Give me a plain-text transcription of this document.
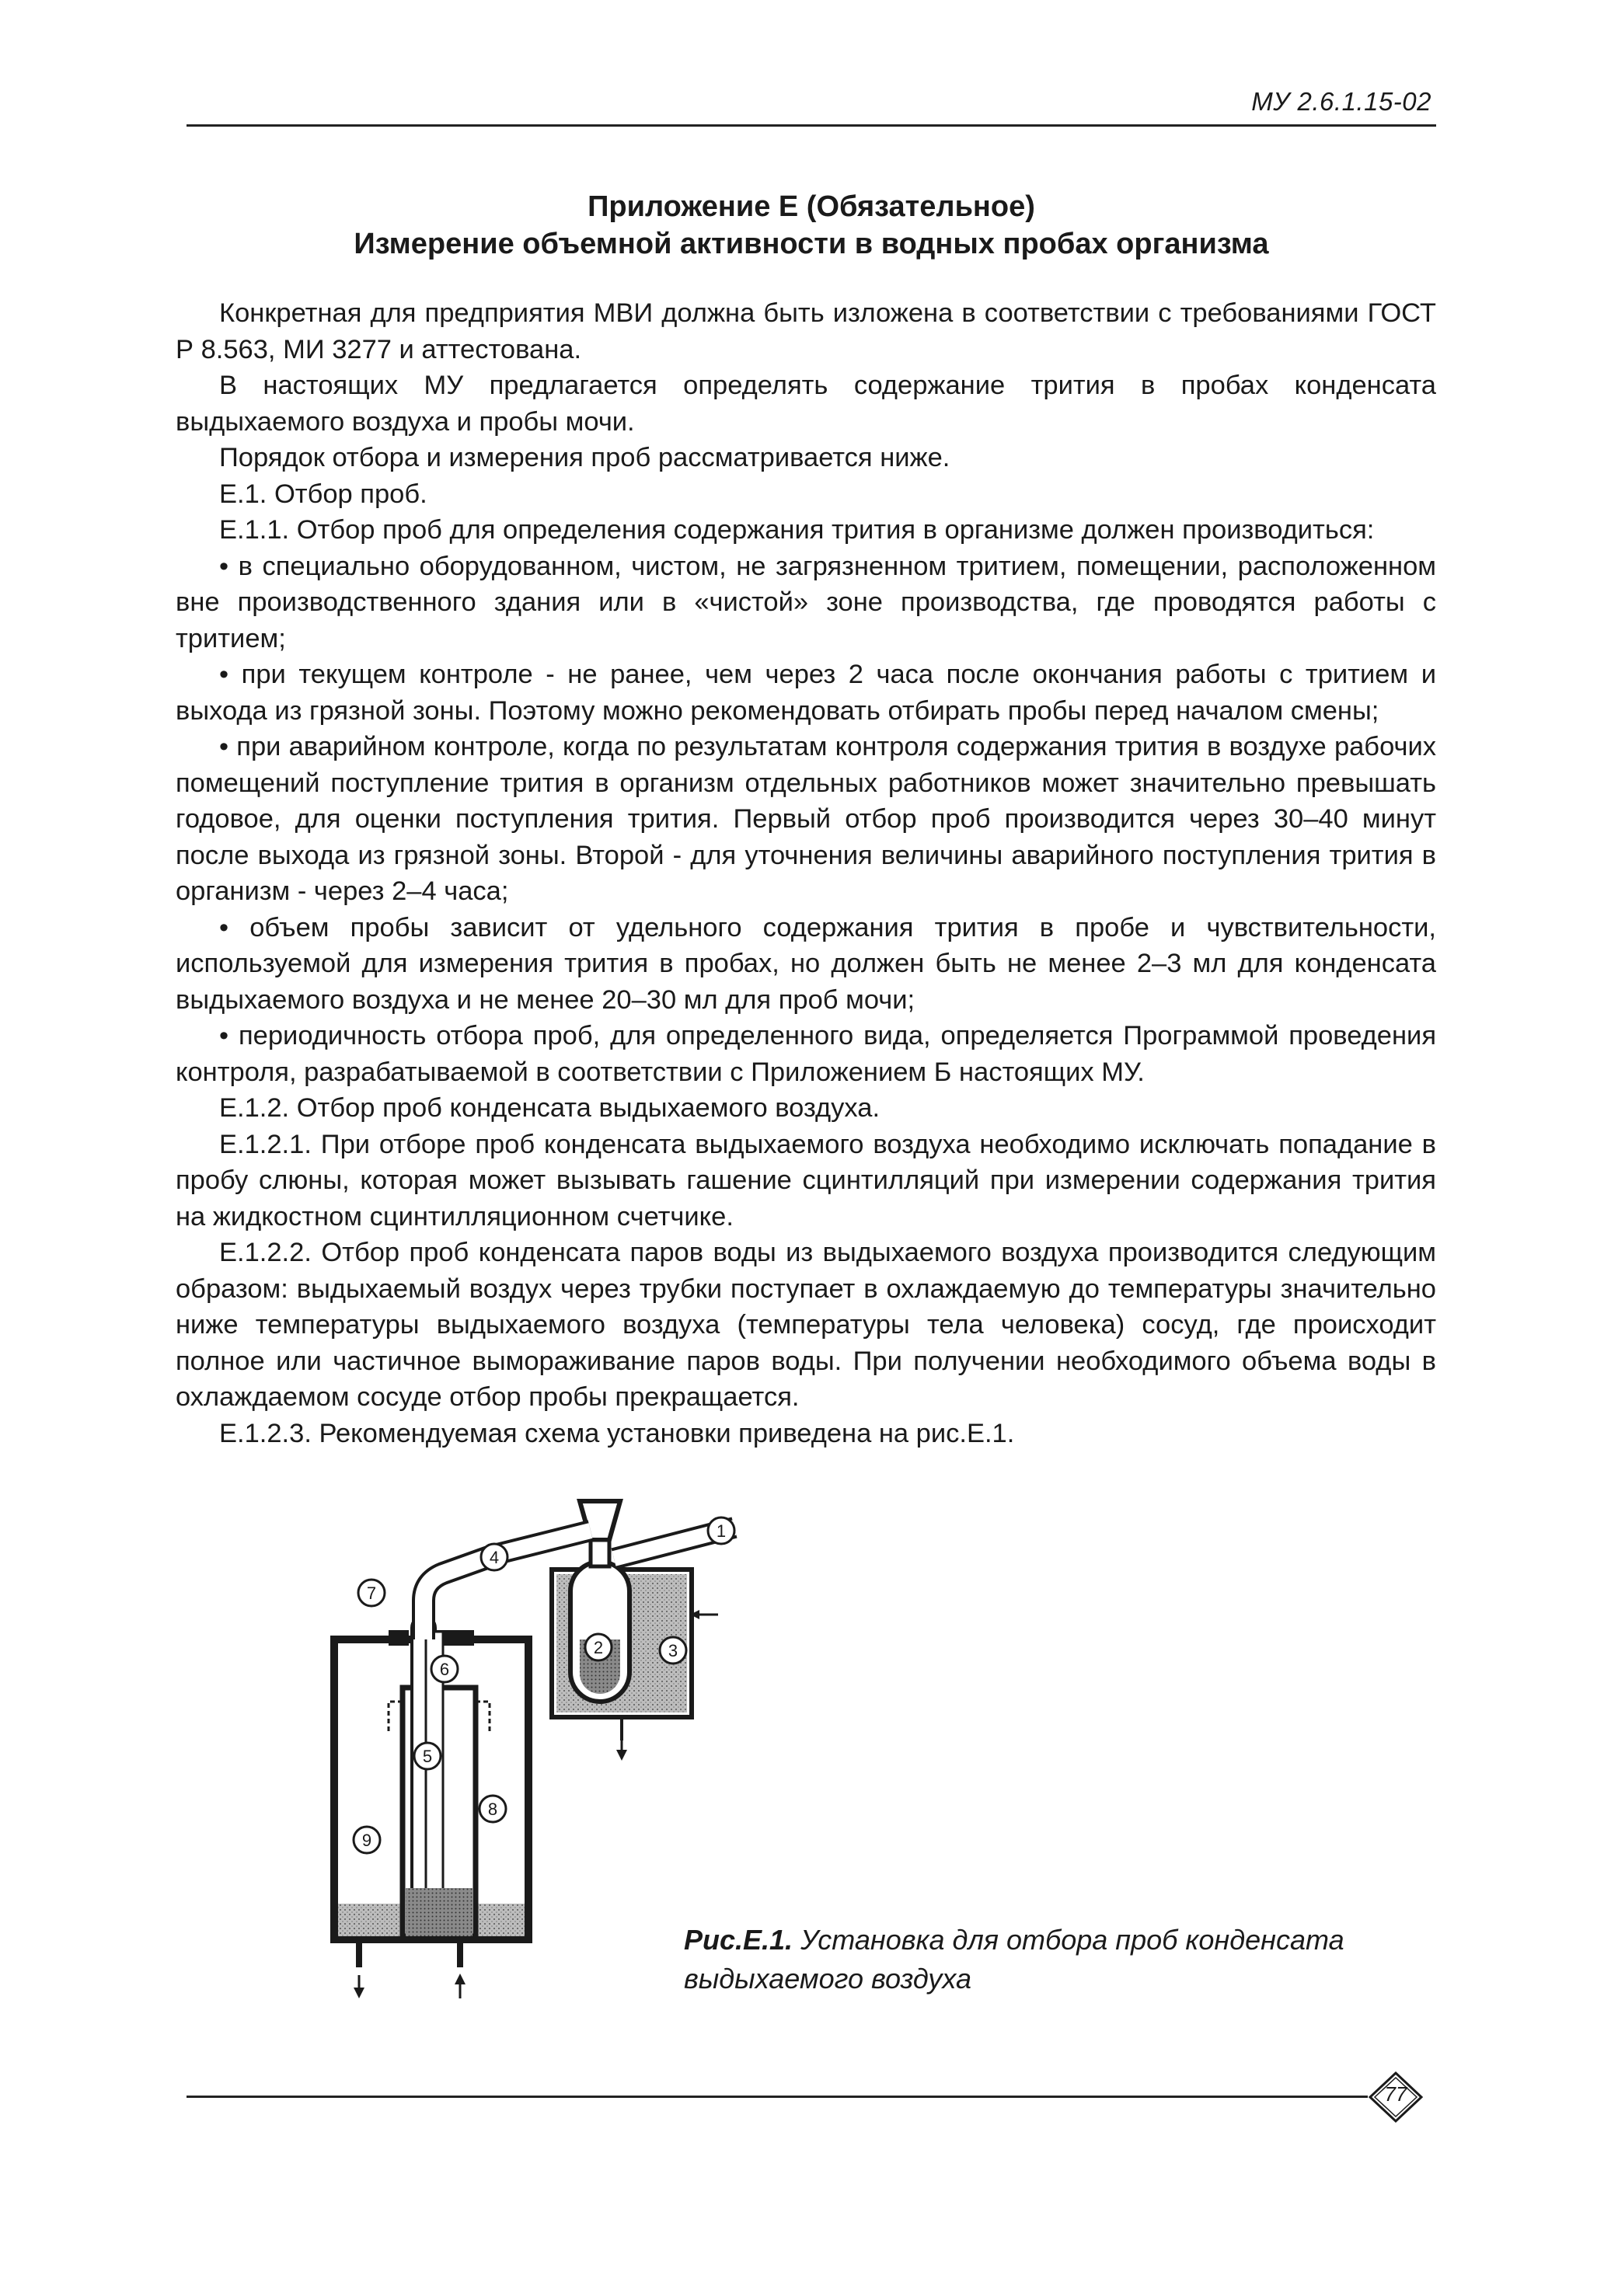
МУ 2.6.1.15-02
Приложение Е (Обязательное)
Измерение объемной активности в водных пробах организма

Конкретная для предприятия МВИ должна быть изложена в соответствии с требованиями ГОСТ Р 8.563, МИ 3277 и аттестована.

В настоящих МУ предлагается определять содержание трития в пробах конденсата выдыхаемого воздуха и пробы мочи.

Порядок отбора и измерения проб рассматривается ниже.

Е.1. Отбор проб.

Е.1.1. Отбор проб для определения содержания трития в организме должен производиться:

• в специально оборудованном, чистом, не загрязненном тритием, помещении, расположенном вне производственного здания или в «чистой» зоне производства, где проводятся работы с тритием;

• при текущем контроле - не ранее, чем через 2 часа после окончания работы с тритием и выхода из грязной зоны. Поэтому можно рекомендовать отбирать пробы перед началом смены;

• при аварийном контроле, когда по результатам контроля содержания трития в воздухе рабочих помещений поступление трития в организм отдельных работников может значительно превышать годовое, для оценки поступления трития. Первый отбор проб производится через 30–40 минут после выхода из грязной зоны. Второй - для уточнения величины аварийного поступления трития в организм - через 2–4 часа;

• объем пробы зависит от удельного содержания трития в пробе и чувствительности, используемой для измерения трития в пробах, но должен быть не менее 2–3 мл для конденсата выдыхаемого воздуха и не менее 20–30 мл для проб мочи;

• периодичность отбора проб, для определенного вида, определяется Программой проведения контроля, разрабатываемой в соответствии с Приложением Б настоящих МУ.

Е.1.2. Отбор проб конденсата выдыхаемого воздуха.

Е.1.2.1. При отборе проб конденсата выдыхаемого воздуха необходимо исключать попадание в пробу слюны, которая может вызывать гашение сцинтилляций при измерении содержания трития на жидкостном сцинтилляционном счетчике.

Е.1.2.2. Отбор проб конденсата паров воды из выдыхаемого воздуха производится следующим образом: выдыхаемый воздух через трубки поступает в охлаждаемую до температуры значительно ниже температуры выдыхаемого воздуха (температуры тела человека) сосуд, где происходит полное или частичное вымораживание паров воды. При получении необходимого объема воды в охлаждаемом сосуде отбор пробы прекращается.

Е.1.2.3. Рекомендуемая схема установки приведена на рис.Е.1.

1
2	3
4
5
6
7
8
9
Рис.Е.1. Установка для отбора проб конденсата выдыхаемого воздуха
77
